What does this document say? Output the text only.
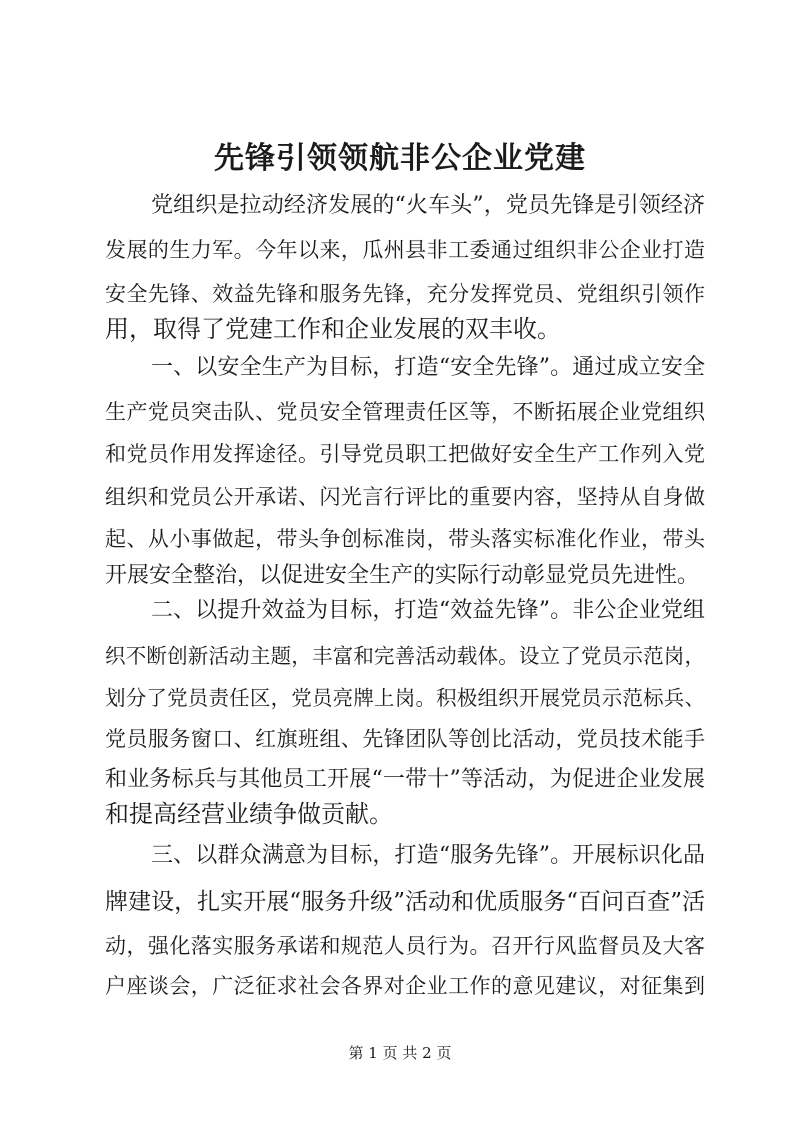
先锋引领领航非公企业党建
党组织是拉动经济发展的“火车头”，党员先锋是引领经济
发展的生力军。今年以来，瓜州县非工委通过组织非公企业打造
安全先锋、效益先锋和服务先锋，充分发挥党员、党组织引领作
用，取得了党建工作和企业发展的双丰收。
一、以安全生产为目标，打造“安全先锋”。通过成立安全
生产党员突击队、党员安全管理责任区等，不断拓展企业党组织
和党员作用发挥途径。引导党员职工把做好安全生产工作列入党
组织和党员公开承诺、闪光言行评比的重要内容，坚持从自身做
起、从小事做起，带头争创标准岗，带头落实标准化作业，带头
开展安全整治，以促进安全生产的实际行动彰显党员先进性。
二、以提升效益为目标，打造“效益先锋”。非公企业党组
织不断创新活动主题，丰富和完善活动载体。设立了党员示范岗，
划分了党员责任区，党员亮牌上岗。积极组织开展党员示范标兵、
党员服务窗口、红旗班组、先锋团队等创比活动，党员技术能手
和业务标兵与其他员工开展“一带十”等活动，为促进企业发展
和提高经营业绩争做贡献。
三、以群众满意为目标，打造“服务先锋”。开展标识化品
牌建设，扎实开展“服务升级”活动和优质服务“百问百查”活
动，强化落实服务承诺和规范人员行为。召开行风监督员及大客
户座谈会，广泛征求社会各界对企业工作的意见建议，对征集到
第 1 页 共 2 页
